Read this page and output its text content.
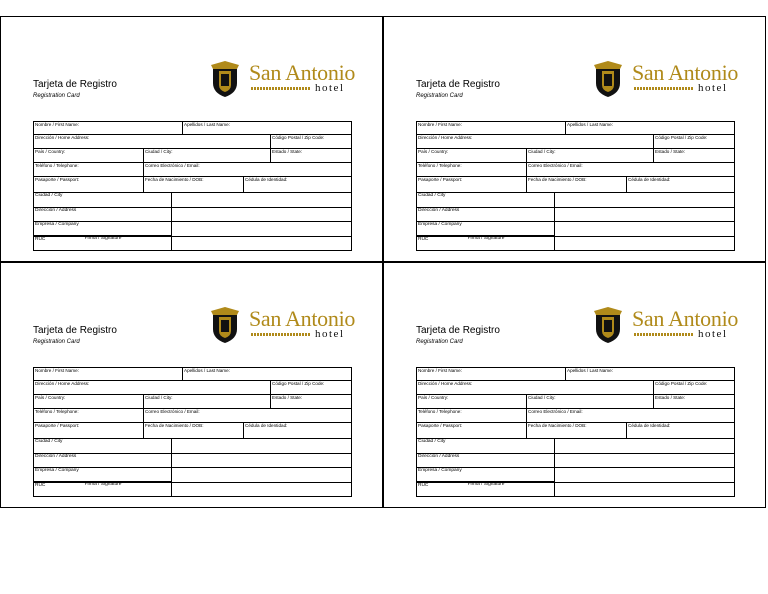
Tarjeta de Registro
Registration Card
San Antonio
hotel
Nombre / First Name:	Apellidos / Last Name:
Dirección / Home Address:	Código Postal / Zip Code:
País / Country:	Ciudad / City:	Estado / State:
Teléfono / Telephone:	Correo Electrónico / Email:
Pasaporte / Passport:	Fecha de Nacimiento / DOB:	Cédula de Identidad:
Firma / Signature
Ciudad / City
Dirección / Address
Empresa / Company
RUC
Tarjeta de Registro
Registration Card
San Antonio
hotel
Nombre / First Name:	Apellidos / Last Name:
Dirección / Home Address:	Código Postal / Zip Code:
País / Country:	Ciudad / City:	Estado / State:
Teléfono / Telephone:	Correo Electrónico / Email:
Pasaporte / Passport:	Fecha de Nacimiento / DOB:	Cédula de Identidad:
Firma / Signature
Ciudad / City
Dirección / Address
Empresa / Company
RUC
Tarjeta de Registro
Registration Card
San Antonio
hotel
Nombre / First Name:	Apellidos / Last Name:
Dirección / Home Address:	Código Postal / Zip Code:
País / Country:	Ciudad / City:	Estado / State:
Teléfono / Telephone:	Correo Electrónico / Email:
Pasaporte / Passport:	Fecha de Nacimiento / DOB:	Cédula de Identidad:
Firma / Signature
Ciudad / City
Dirección / Address
Empresa / Company
RUC
Tarjeta de Registro
Registration Card
San Antonio
hotel
Nombre / First Name:	Apellidos / Last Name:
Dirección / Home Address:	Código Postal / Zip Code:
País / Country:	Ciudad / City:	Estado / State:
Teléfono / Telephone:	Correo Electrónico / Email:
Pasaporte / Passport:	Fecha de Nacimiento / DOB:	Cédula de Identidad:
Firma / Signature
Ciudad / City
Dirección / Address
Empresa / Company
RUC
